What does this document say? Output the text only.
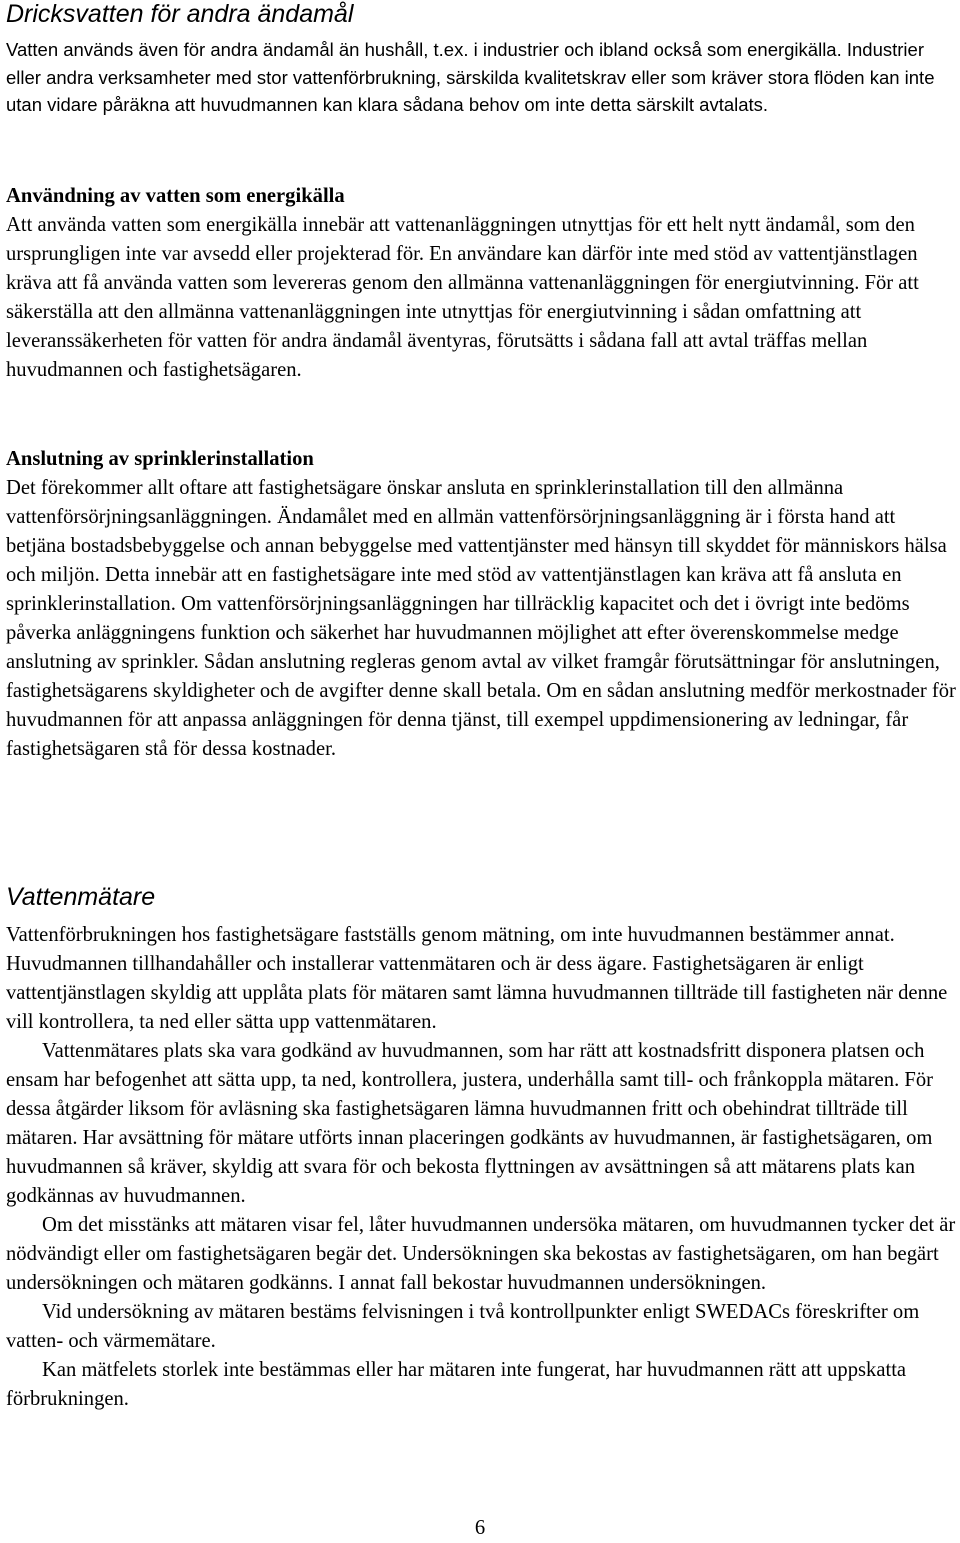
Dricksvatten för andra ändamål

Vatten används även för andra ändamål än hushåll, t.ex. i industrier och ibland också som energikälla. Industrier eller andra verksamheter med stor vattenförbrukning, särskilda kvalitetskrav eller som kräver stora flöden kan inte utan vidare påräkna att huvudmannen kan klara sådana behov om inte detta särskilt avtalats.

Användning av vatten som energikälla

Att använda vatten som energikälla innebär att vattenanläggningen utnyttjas för ett helt nytt ändamål, som den ursprungligen inte var avsedd eller projekterad för. En användare kan därför inte med stöd av vattentjänstlagen kräva att få använda vatten som levereras genom den allmänna vattenanläggningen för energiutvinning. För att säkerställa att den allmänna vattenanläggningen inte utnyttjas för energiutvinning i sådan omfattning att leveranssäkerheten för vatten för andra ändamål äventyras, förutsätts i sådana fall att avtal träffas mellan huvudmannen och fastighetsägaren.

Anslutning av sprinklerinstallation

Det förekommer allt oftare att fastighetsägare önskar ansluta en sprinklerinstallation till den allmänna vattenförsörjningsanläggningen. Ändamålet med en allmän vattenförsörjningsanläggning är i första hand att betjäna bostadsbebyggelse och annan bebyggelse med vattentjänster med hänsyn till skyddet för människors hälsa och miljön. Detta innebär att en fastighetsägare inte med stöd av vattentjänstlagen kan kräva att få ansluta en sprinklerinstallation. Om vattenförsörjningsanläggningen har tillräcklig kapacitet och det i övrigt inte bedöms påverka anläggningens funktion och säkerhet har huvudmannen möjlighet att efter överenskommelse medge anslutning av sprinkler. Sådan anslutning regleras genom avtal av vilket framgår förutsättningar för anslutningen, fastighetsägarens skyldigheter och de avgifter denne skall betala. Om en sådan anslutning medför merkostnader för huvudmannen för att anpassa anläggningen för denna tjänst, till exempel uppdimensionering av ledningar, får fastighetsägaren stå för dessa kostnader.

Vattenmätare

Vattenförbrukningen hos fastighetsägare fastställs genom mätning, om inte huvudmannen bestämmer annat. Huvudmannen tillhandahåller och installerar vattenmätaren och är dess ägare. Fastighetsägaren är enligt vattentjänstlagen skyldig att upplåta plats för mätaren samt lämna huvudmannen tillträde till fastigheten när denne vill kontrollera, ta ned eller sätta upp vattenmätaren.

Vattenmätares plats ska vara godkänd av huvudmannen, som har rätt att kostnadsfritt disponera platsen och ensam har befogenhet att sätta upp, ta ned, kontrollera, justera, underhålla samt till- och frånkoppla mätaren. För dessa åtgärder liksom för avläsning ska fastighetsägaren lämna huvudmannen fritt och obehindrat tillträde till mätaren. Har avsättning för mätare utförts innan placeringen godkänts av huvudmannen, är fastighetsägaren, om huvudmannen så kräver, skyldig att svara för och bekosta flyttningen av avsättningen så att mätarens plats kan godkännas av huvudmannen.

Om det misstänks att mätaren visar fel, låter huvudmannen undersöka mätaren, om huvudmannen tycker det är nödvändigt eller om fastighetsägaren begär det. Undersökningen ska bekostas av fastighetsägaren, om han begärt undersökningen och mätaren godkänns. I annat fall bekostar huvudmannen undersökningen.

Vid undersökning av mätaren bestäms felvisningen i två kontrollpunkter enligt SWEDACs föreskrifter om vatten- och värmemätare.

Kan mätfelets storlek inte bestämmas eller har mätaren inte fungerat, har huvudmannen rätt att uppskatta förbrukningen.

6
